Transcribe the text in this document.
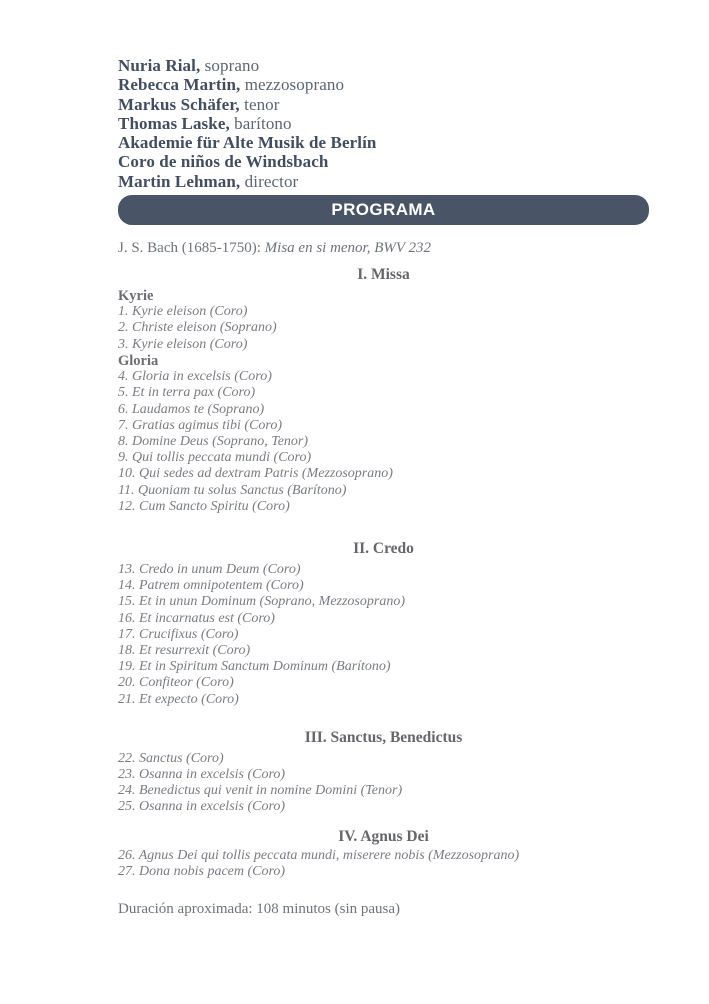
Nuria Rial, soprano
Rebecca Martin, mezzosoprano
Markus Schäfer, tenor
Thomas Laske, barítono
Akademie für Alte Musik de Berlín
Coro de niños de Windsbach
Martin Lehman, director
PROGRAMA
J. S. Bach (1685-1750): Misa en si menor, BWV 232
I. Missa
Kyrie
1. Kyrie eleison (Coro)
2. Christe eleison (Soprano)
3. Kyrie eleison (Coro)
Gloria
4. Gloria in excelsis (Coro)
5. Et in terra pax (Coro)
6. Laudamos te (Soprano)
7. Gratias agimus tibi (Coro)
8. Domine Deus (Soprano, Tenor)
9. Qui tollis peccata mundi (Coro)
10. Qui sedes ad dextram Patris (Mezzosoprano)
11. Quoniam tu solus Sanctus (Barítono)
12. Cum Sancto Spiritu (Coro)
II. Credo
13. Credo in unum Deum (Coro)
14. Patrem omnipotentem (Coro)
15. Et in unun Dominum (Soprano, Mezzosoprano)
16. Et incarnatus est (Coro)
17. Crucifixus (Coro)
18. Et resurrexit (Coro)
19. Et in Spiritum Sanctum Dominum (Barítono)
20. Confiteor (Coro)
21. Et expecto (Coro)
III. Sanctus, Benedictus
22. Sanctus (Coro)
23. Osanna in excelsis (Coro)
24. Benedictus qui venit in nomine Domini (Tenor)
25. Osanna in excelsis (Coro)
IV. Agnus Dei
26. Agnus Dei qui tollis peccata mundi, miserere nobis (Mezzosoprano)
27. Dona nobis pacem (Coro)
Duración aproximada: 108 minutos (sin pausa)
